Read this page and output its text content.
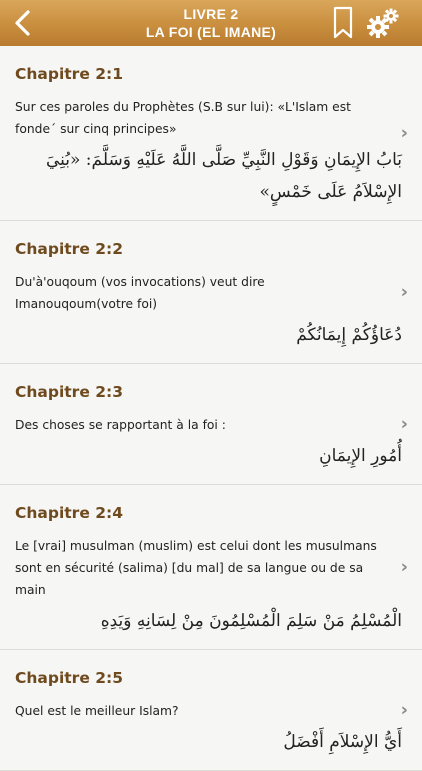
LIVRE 2
LA FOI (EL IMANE)
Chapitre 2:1
Sur ces paroles du Prophètes (S.B sur lui): «L'Islam est fonde´ sur cinq principes»
بَابُ الإِيمَانِ وَقَوْلِ النَّبِيِّ صَلَّى اللَّهُ عَلَيْهِ وَسَلَّمَ: «بُنِيَ الإِسْلاَمُ عَلَى خَمْسٍ»
›
Chapitre 2:2
Du'à'ouqoum (vos invocations) veut dire Imanouqoum(votre foi)
دُعَاؤُكُمْ إِيمَانُكُمْ
›
Chapitre 2:3
Des choses se rapportant à la foi :
أُمُورِ الإِيمَانِ
›
Chapitre 2:4
Le [vrai] musulman (muslim) est celui dont les musulmans sont en sécurité (salima) [du mal] de sa langue ou de sa main
الْمُسْلِمُ مَنْ سَلِمَ الْمُسْلِمُونَ مِنْ لِسَانِهِ وَيَدِهِ
›
Chapitre 2:5
Quel est le meilleur Islam?
أَيُّ الإِسْلاَمِ أَفْضَلُ
›
